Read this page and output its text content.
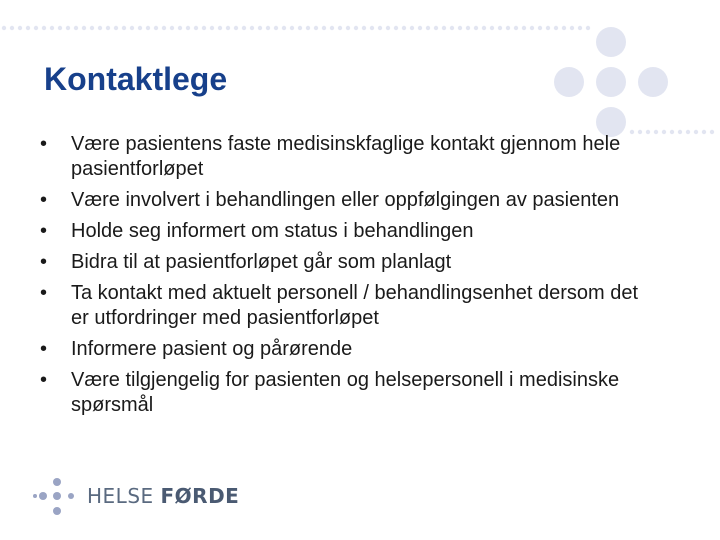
Kontaktlege
• Være pasientens faste medisinskfaglige kontakt gjennom hele pasientforløpet
• Være involvert i behandlingen eller oppfølgingen av pasienten
• Holde seg informert om status i behandlingen
• Bidra til at pasientforløpet går som planlagt
• Ta kontakt med aktuelt personell / behandlingsenhet dersom det er utfordringer med pasientforløpet
• Informere pasient og pårørende
• Være tilgjengelig for pasienten og helsepersonell i medisinske spørsmål
HELSE FØRDE
